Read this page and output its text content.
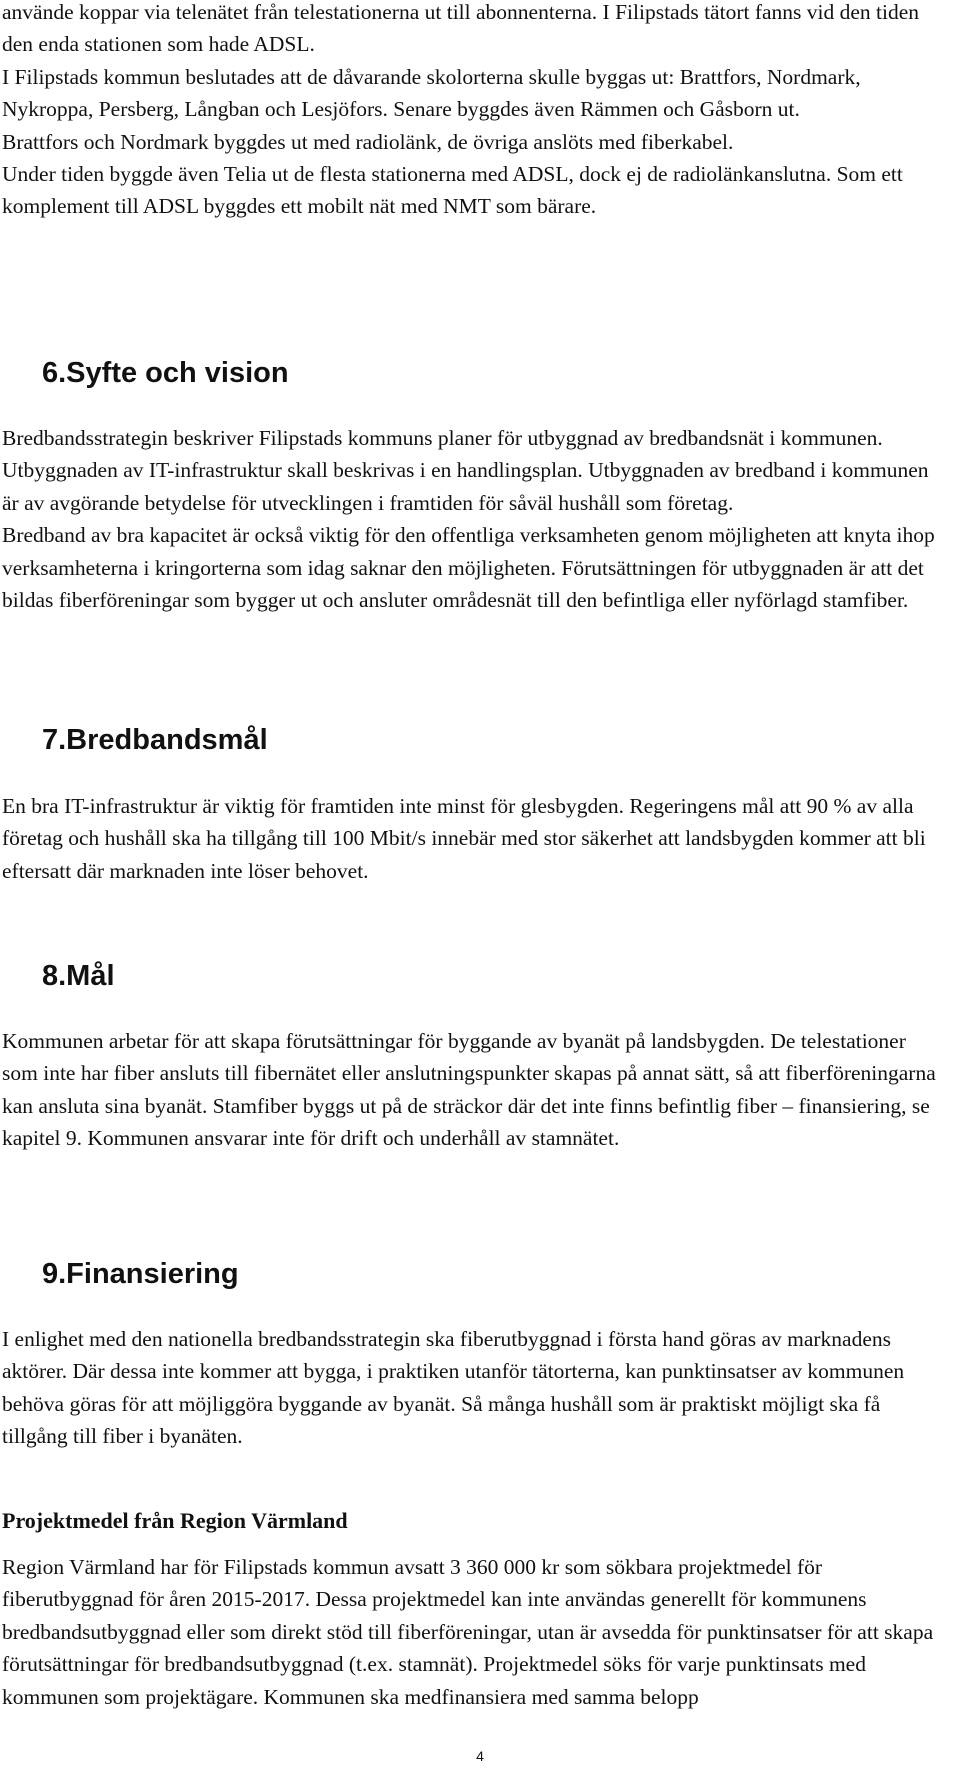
använde koppar via telenätet från telestationerna ut till abonnenterna. I Filipstads tätort fanns vid den tiden den enda stationen som hade ADSL.

I Filipstads kommun beslutades att de dåvarande skolorterna skulle byggas ut: Brattfors, Nordmark, Nykroppa, Persberg, Långban och Lesjöfors. Senare byggdes även Rämmen och Gåsborn ut.

Brattfors och Nordmark byggdes ut med radiolänk, de övriga anslöts med fiberkabel.

Under tiden byggde även Telia ut de flesta stationerna med ADSL, dock ej de radiolänkanslutna. Som ett komplement till ADSL byggdes ett mobilt nät med NMT som bärare.

6.Syfte och vision

Bredbandsstrategin beskriver Filipstads kommuns planer för utbyggnad av bredbandsnät i kommunen. Utbyggnaden av IT-infrastruktur skall beskrivas i en handlingsplan. Utbyggnaden av bredband i kommunen är av avgörande betydelse för utvecklingen i framtiden för såväl hushåll som företag.

Bredband av bra kapacitet är också viktig för den offentliga verksamheten genom möjligheten att knyta ihop verksamheterna i kringorterna som idag saknar den möjligheten. Förutsättningen för utbyggnaden är att det bildas fiberföreningar som bygger ut och ansluter områdesnät till den befintliga eller nyförlagd stamfiber.

7.Bredbandsmål

En bra IT-infrastruktur är viktig för framtiden inte minst för glesbygden. Regeringens mål att 90 % av alla företag och hushåll ska ha tillgång till 100 Mbit/s innebär med stor säkerhet att landsbygden kommer att bli eftersatt där marknaden inte löser behovet.

8.Mål

Kommunen arbetar för att skapa förutsättningar för byggande av byanät på landsbygden. De telestationer som inte har fiber ansluts till fibernätet eller anslutningspunkter skapas på annat sätt, så att fiberföreningarna kan ansluta sina byanät. Stamfiber byggs ut på de sträckor där det inte finns befintlig fiber – finansiering, se kapitel 9. Kommunen ansvarar inte för drift och underhåll av stamnätet.

9.Finansiering

I enlighet med den nationella bredbandsstrategin ska fiberutbyggnad i första hand göras av marknadens aktörer. Där dessa inte kommer att bygga, i praktiken utanför tätorterna, kan punktinsatser av kommunen behöva göras för att möjliggöra byggande av byanät. Så många hushåll som är praktiskt möjligt ska få tillgång till fiber i byanäten.

Projektmedel från Region Värmland

Region Värmland har för Filipstads kommun avsatt 3 360 000 kr som sökbara projektmedel för fiberutbyggnad för åren 2015-2017. Dessa projektmedel kan inte användas generellt för kommunens bredbandsutbyggnad eller som direkt stöd till fiberföreningar, utan är avsedda för punktinsatser för att skapa förutsättningar för bredbandsutbyggnad (t.ex. stamnät). Projektmedel söks för varje punktinsats med kommunen som projektägare. Kommunen ska medfinansiera med samma belopp

4
